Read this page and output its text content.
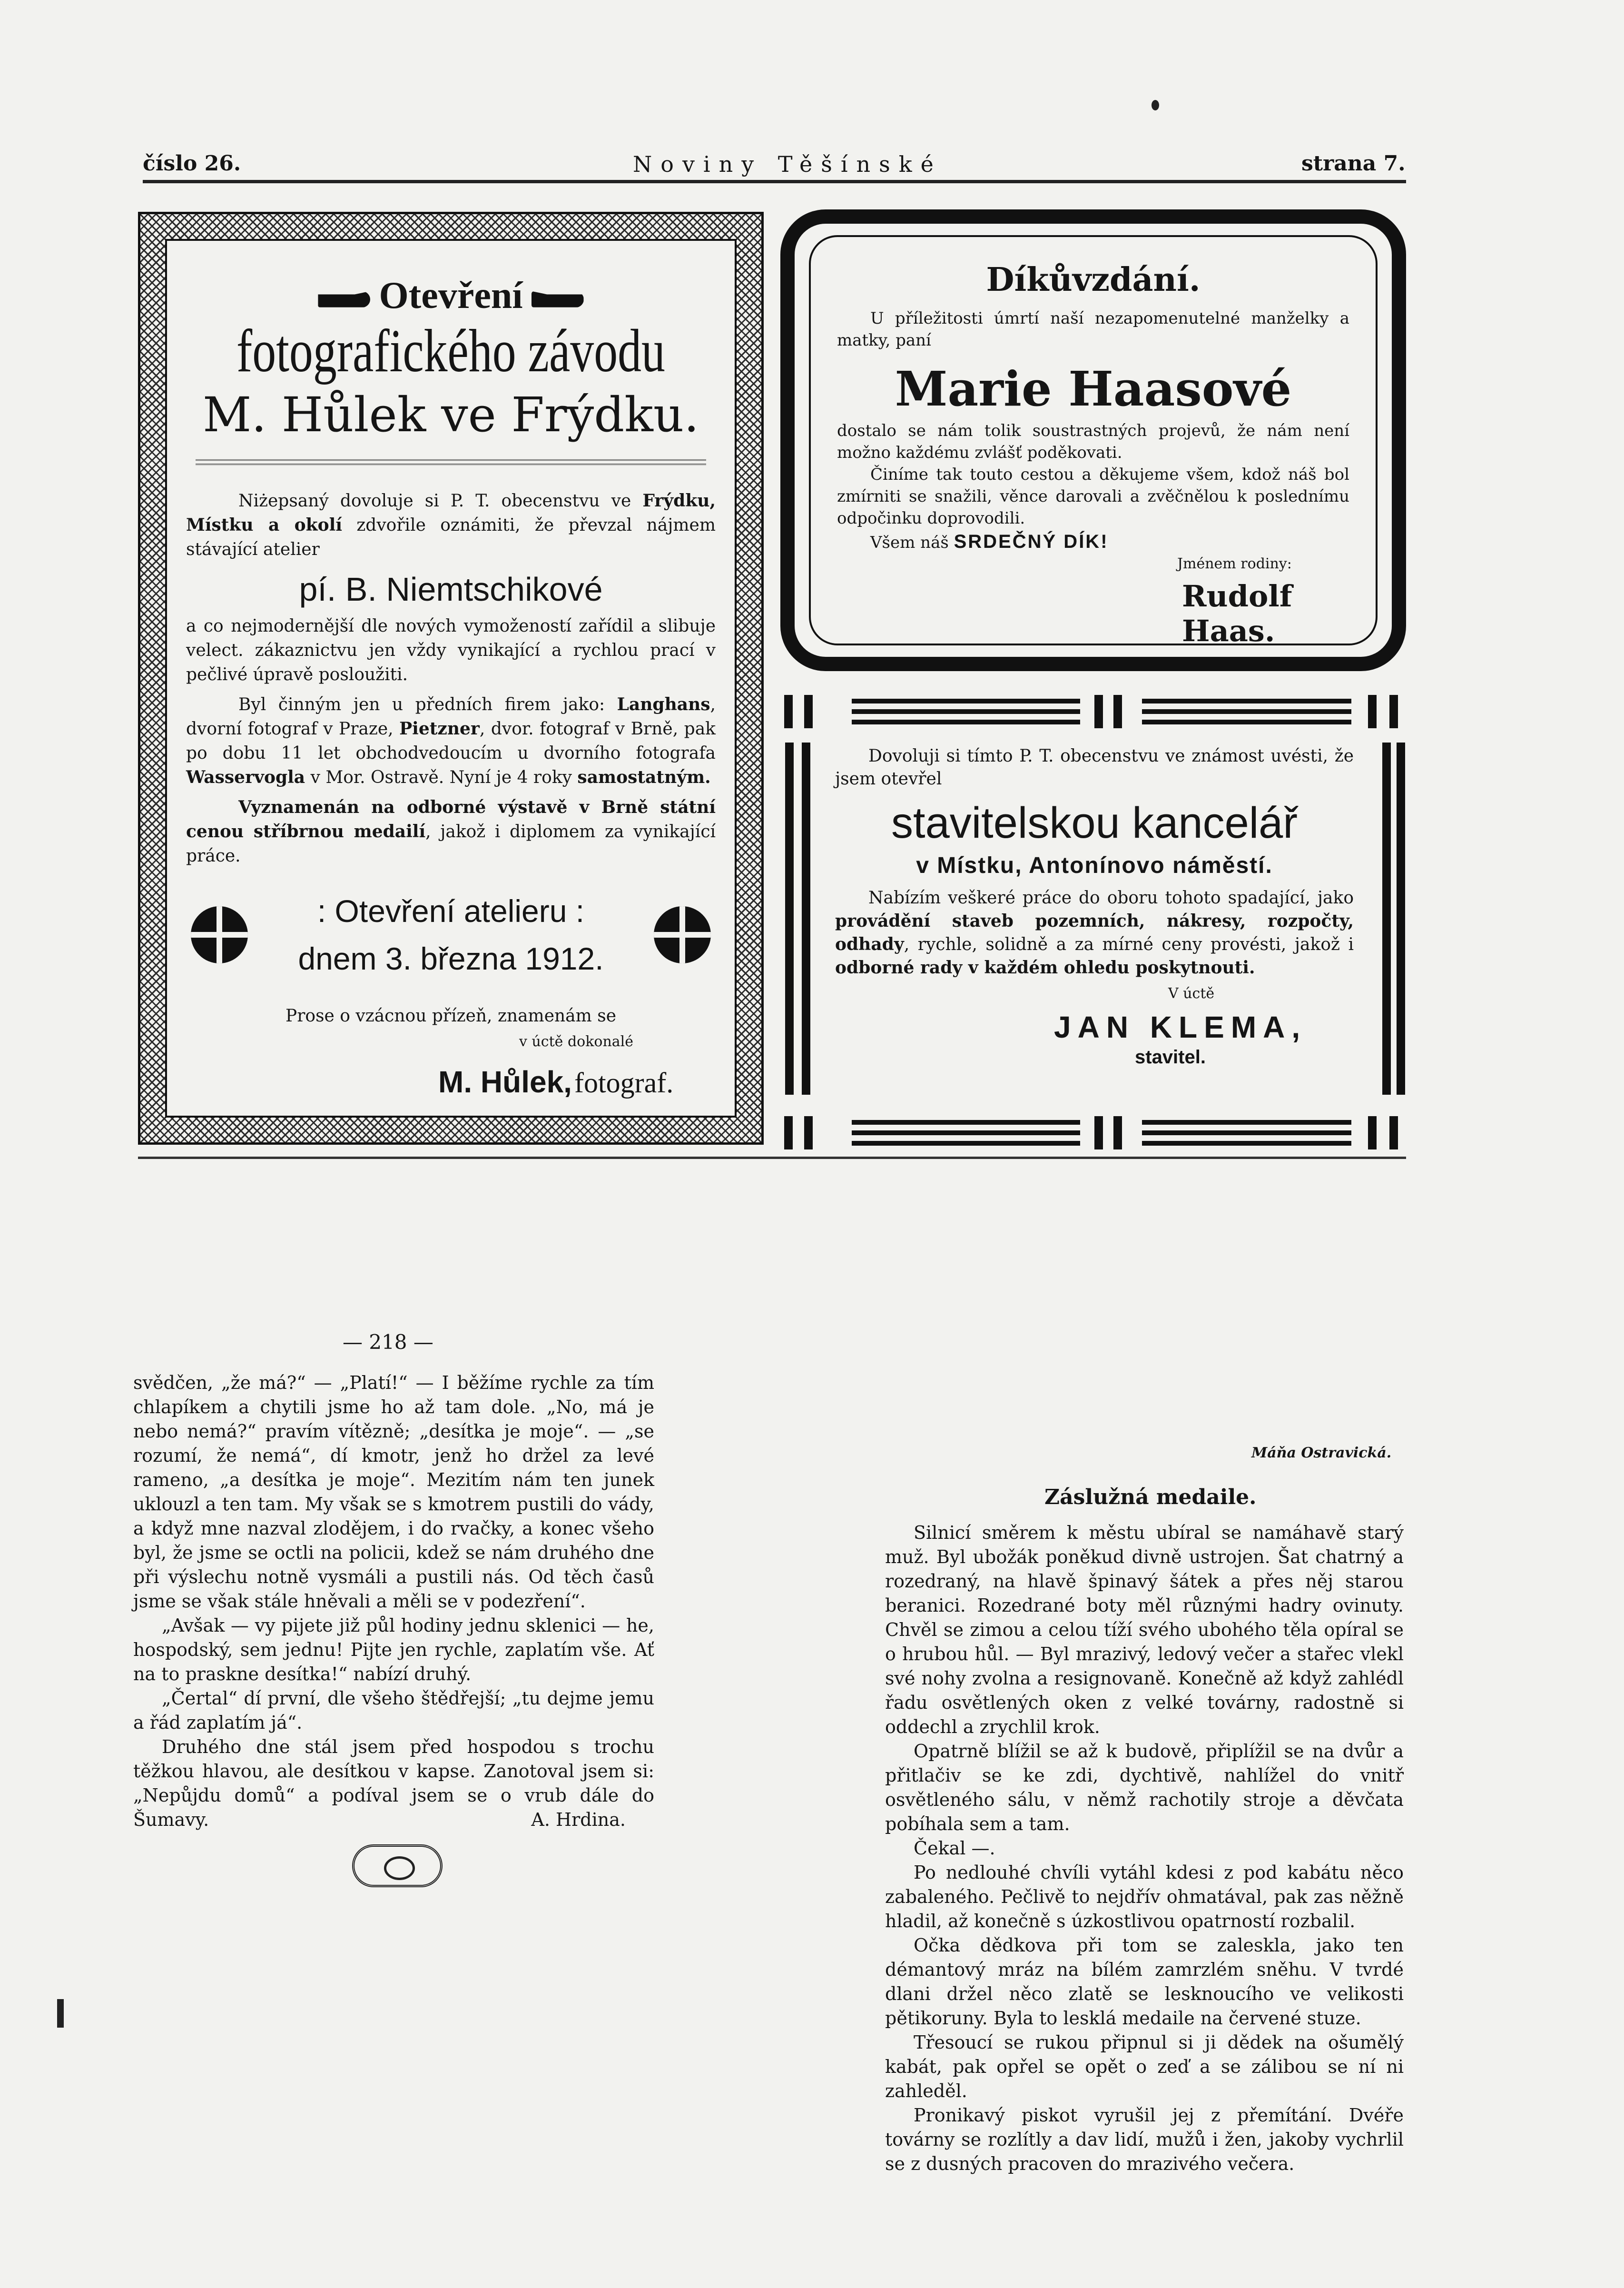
číslo 26.	Noviny Těšínské	strana 7.
Otevření
fotografického závodu
M. Hůlek ve Frýdku.

Niżepsaný dovoluje si P. T. obecenstvu ve Frýdku, Místku a okolí zdvořile oznámiti, že převzal nájmem stávající atelier

pí. B. Niemtschikové

a co nejmodernější dle nových vymožeností zařídil a slibuje velect. zákaznictvu jen vždy vynikající a rychlou prací v pečlivé úpravě posloužiti.

Byl činným jen u předních firem jako: Langhans, dvorní fotograf v Praze, Pietzner, dvor. fotograf v Brně, pak po dobu 11 let obchodvedoucím u dvorního fotografa Wasservogla v Mor. Ostravě. Nyní je 4 roky samostatným.

Vyznamenán na odborné výstavě v Brně státní cenou stříbrnou medailí, jakož i diplomem za vynikající práce.

: Otevření atelieru :
dnem 3. března 1912.
Prose o vzácnou přízeň, znamenám se
v úctě dokonalé
M. Hůlek, fotograf.
Díkůvzdání.

U příležitosti úmrtí naší nezapomenutelné manželky a matky, paní

Marie Haasové

dostalo se nám tolik soustrastných projevů, že nám není možno každému zvlášť poděkovati.

Činíme tak touto cestou a děkujeme všem, kdož náš bol zmírniti se snažili, věnce darovali a zvěčnělou k poslednímu odpočinku doprovodili.

Všem náš SRDEČNÝ DÍK!
Jménem rodiny:
Rudolf Haas.

Dovoluji si tímto P. T. obecenstvu ve známost uvésti, že jsem otevřel

stavitelskou kancelář
v Místku, Antonínovo náměstí.

Nabízím veškeré práce do oboru tohoto spadající, jako provádění staveb pozemních, nákresy, rozpočty, odhady, rychle, solidně a za mírné ceny provésti, jakož i odborné rady v každém ohledu poskytnouti.

V úctě
JAN KLEMA,
stavitel.
— 218 —

svědčen, „že má?“ — „Platí!“ — I běžíme rychle za tím chlapíkem a chytili jsme ho až tam dole. „No, má je nebo nemá?“ pravím vítězně; „desítka je moje“. — „se rozumí, že nemá“, dí kmotr, jenž ho držel za levé rameno, „a desítka je moje“. Mezitím nám ten junek uklouzl a ten tam. My však se s kmotrem pustili do vády, a když mne nazval zlodějem, i do rvačky, a konec všeho byl, že jsme se octli na policii, kdež se nám druhého dne při výslechu notně vysmáli a pustili nás. Od těch časů jsme se však stále hněvali a měli se v podezření“.

„Avšak — vy pijete již půl hodiny jednu sklenici — he, hospodský, sem jednu! Pijte jen rychle, zaplatím vše. Ať na to praskne desítka!“ nabízí druhý.

„Čertal“ dí první, dle všeho štědřejší; „tu dejme jemu a řád zaplatím já“.

Druhého dne stál jsem před hospodou s trochu těžkou hlavou, ale desítkou v kapse. Zanotoval jsem si: „Nepůjdu domů“ a podíval jsem se o vrub dále do Šumavy.	A. Hrdina.
Máňa Ostravická.
Záslužná medaile.

Silnicí směrem k městu ubíral se namáhavě starý muž. Byl ubožák poněkud divně ustrojen. Šat chatrný a rozedraný, na hlavě špinavý šátek a přes něj starou beranici. Rozedrané boty měl různými hadry ovinuty. Chvěl se zimou a celou tíží svého ubohého těla opíral se o hrubou hůl. — Byl mrazivý, ledový večer a stařec vlekl své nohy zvolna a resignovaně. Konečně až když zahlédl řadu osvětlených oken z velké továrny, radostně si oddechl a zrychlil krok.

Opatrně blížil se až k budově, připlížil se na dvůr a přitlačiv se ke zdi, dychtivě, nahlížel do vnitř osvětleného sálu, v němž rachotily stroje a děvčata pobíhala sem a tam.

Čekal —.

Po nedlouhé chvíli vytáhl kdesi z pod kabátu něco zabaleného. Pečlivě to nejdřív ohmatával, pak zas něžně hladil, až konečně s úzkostlivou opatrností rozbalil.

Očka dědkova při tom se zaleskla, jako ten démantový mráz na bílém zamrzlém sněhu. V tvrdé dlani držel něco zlatě se lesknoucího ve velikosti pětikoruny. Byla to lesklá medaile na červené stuze.

Třesoucí se rukou připnul si ji dědek na ošumělý kabát, pak opřel se opět o zeď a se zálibou se ní ni zahleděl.

Pronikavý piskot vyrušil jej z přemítání. Dvéře továrny se rozlítly a dav lidí, mužů i žen, jakoby vychrlil se z dusných pracoven do mrazivého večera.
